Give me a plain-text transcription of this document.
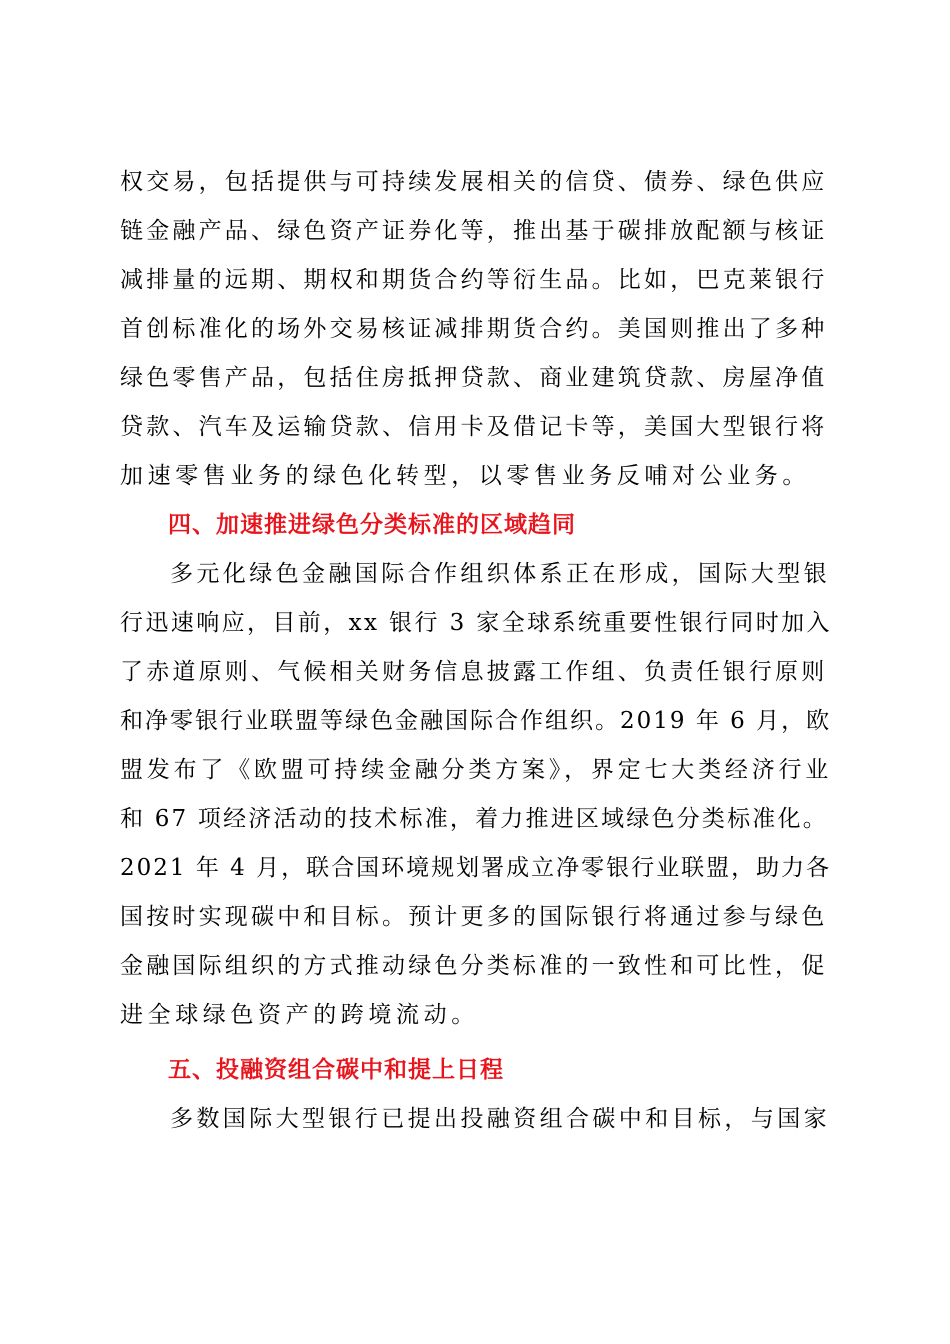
权交易，包括提供与可持续发展相关的信贷、债券、绿色供应
链金融产品、绿色资产证券化等，推出基于碳排放配额与核证
减排量的远期、期权和期货合约等衍生品。比如，巴克莱银行
首创标准化的场外交易核证减排期货合约。美国则推出了多种
绿色零售产品，包括住房抵押贷款、商业建筑贷款、房屋净值
贷款、汽车及运输贷款、信用卡及借记卡等，美国大型银行将
加速零售业务的绿色化转型，以零售业务反哺对公业务。
四、加速推进绿色分类标准的区域趋同
多元化绿色金融国际合作组织体系正在形成，国际大型银
行迅速响应，目前，xx 银行 3 家全球系统重要性银行同时加入
了赤道原则、气候相关财务信息披露工作组、负责任银行原则
和净零银行业联盟等绿色金融国际合作组织。2019 年 6 月，欧
盟发布了《欧盟可持续金融分类方案》，界定七大类经济行业
和 67 项经济活动的技术标准，着力推进区域绿色分类标准化。
2021 年 4 月，联合国环境规划署成立净零银行业联盟，助力各
国按时实现碳中和目标。预计更多的国际银行将通过参与绿色
金融国际组织的方式推动绿色分类标准的一致性和可比性，促
进全球绿色资产的跨境流动。
五、投融资组合碳中和提上日程
多数国际大型银行已提出投融资组合碳中和目标，与国家
